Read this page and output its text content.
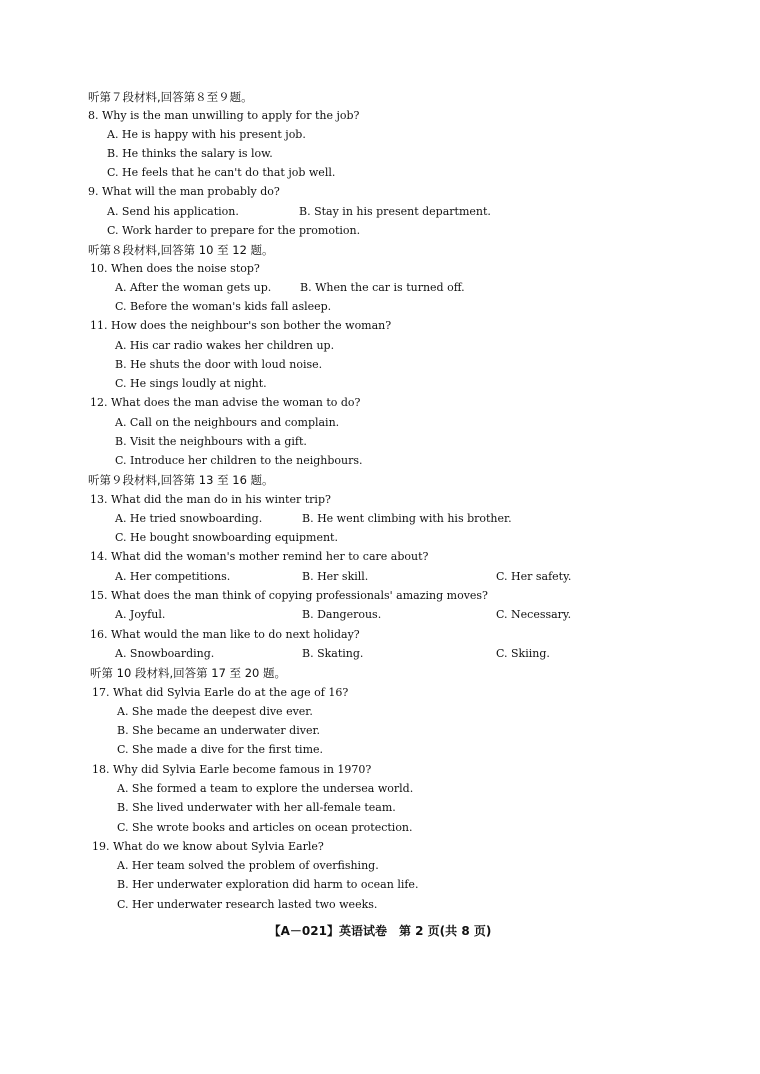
听第７段材料,回答第８至９题。
8. Why is the man unwilling to apply for the job?
A. He is happy with his present job.
B. He thinks the salary is low.
C. He feels that he can't do that job well.
9. What will the man probably do?
A. Send his application.	B. Stay in his present department.
C. Work harder to prepare for the promotion.
听第８段材料,回答第 10 至 12 题。
10. When does the noise stop?
A. After the woman gets up.	B. When the car is turned off.
C. Before the woman's kids fall asleep.
11. How does the neighbour's son bother the woman?
A. His car radio wakes her children up.
B. He shuts the door with loud noise.
C. He sings loudly at night.
12. What does the man advise the woman to do?
A. Call on the neighbours and complain.
B. Visit the neighbours with a gift.
C. Introduce her children to the neighbours.
听第９段材料,回答第 13 至 16 题。
13. What did the man do in his winter trip?
A. He tried snowboarding.	B. He went climbing with his brother.
C. He bought snowboarding equipment.
14. What did the woman's mother remind her to care about?
A. Her competitions.	B. Her skill.	C. Her safety.
15. What does the man think of copying professionals' amazing moves?
A. Joyful.	B. Dangerous.	C. Necessary.
16. What would the man like to do next holiday?
A. Snowboarding.	B. Skating.	C. Skiing.
听第 10 段材料,回答第 17 至 20 题。
17. What did Sylvia Earle do at the age of 16?
A. She made the deepest dive ever.
B. She became an underwater diver.
C. She made a dive for the first time.
18. Why did Sylvia Earle become famous in 1970?
A. She formed a team to explore the undersea world.
B. She lived underwater with her all-female team.
C. She wrote books and articles on ocean protection.
19. What do we know about Sylvia Earle?
A. Her team solved the problem of overfishing.
B. Her underwater exploration did harm to ocean life.
C. Her underwater research lasted two weeks.
【A－021】英语试卷　第 2 页(共 8 页)
